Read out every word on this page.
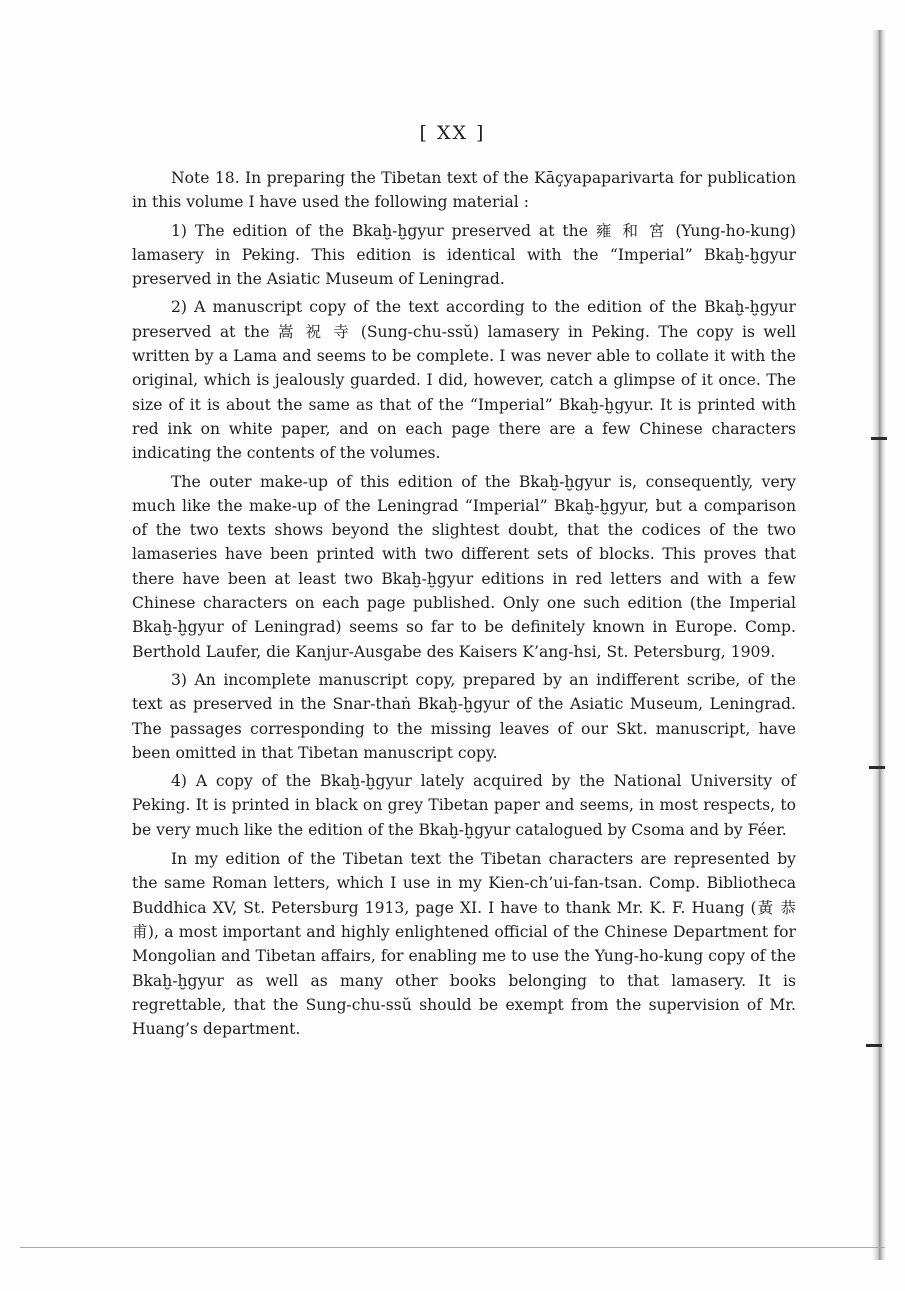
[ XX ]

Note 18. In preparing the Tibetan text of the Kāçyapaparivarta for publication in this volume I have used the following material :

1) The edition of the Bkaḫ-ḫgyur preserved at the 雍 和 宮 (Yung-ho-kung) lamasery in Peking. This edition is identical with the “Imperial” Bkaḫ-ḫgyur preserved in the Asiatic Museum of Leningrad.

2) A manuscript copy of the text according to the edition of the Bkaḫ-ḫgyur preserved at the 嵩 祝 寺 (Sung-chu-ssŭ) lamasery in Peking. The copy is well written by a Lama and seems to be complete. I was never able to collate it with the original, which is jealously guarded. I did, however, catch a glimpse of it once. The size of it is about the same as that of the “Imperial” Bkaḫ-ḫgyur. It is printed with red ink on white paper, and on each page there are a few Chinese characters indicating the contents of the volumes.

The outer make-up of this edition of the Bkaḫ-ḫgyur is, consequently, very much like the make-up of the Leningrad “Imperial” Bkaḫ-ḫgyur, but a comparison of the two texts shows beyond the slightest doubt, that the codices of the two lamaseries have been printed with two different sets of blocks. This proves that there have been at least two Bkaḫ-ḫgyur editions in red letters and with a few Chinese characters on each page published. Only one such edition (the Imperial Bkaḫ-ḫgyur of Leningrad) seems so far to be definitely known in Europe. Comp. Berthold Laufer, die Kanjur-Ausgabe des Kaisers K’ang-hsi, St. Petersburg, 1909.

3) An incomplete manuscript copy, prepared by an indifferent scribe, of the text as preserved in the Snar-thaṅ Bkaḫ-ḫgyur of the Asiatic Museum, Leningrad. The passages corresponding to the missing leaves of our Skt. manuscript, have been omitted in that Tibetan manuscript copy.

4) A copy of the Bkaḫ-ḫgyur lately acquired by the National University of Peking. It is printed in black on grey Tibetan paper and seems, in most respects, to be very much like the edition of the Bkaḫ-ḫgyur catalogued by Csoma and by Féer.

In my edition of the Tibetan text the Tibetan characters are represented by the same Roman letters, which I use in my Kien-ch’ui-fan-tsan. Comp. Bibliotheca Buddhica XV, St. Petersburg 1913, page XI. I have to thank Mr. K. F. Huang (黃 恭 甫), a most important and highly enlightened official of the Chinese Department for Mongolian and Tibetan affairs, for enabling me to use the Yung-ho-kung copy of the Bkaḫ-ḫgyur as well as many other books belonging to that lamasery. It is regrettable, that the Sung-chu-ssŭ should be exempt from the supervision of Mr. Huang’s department.
